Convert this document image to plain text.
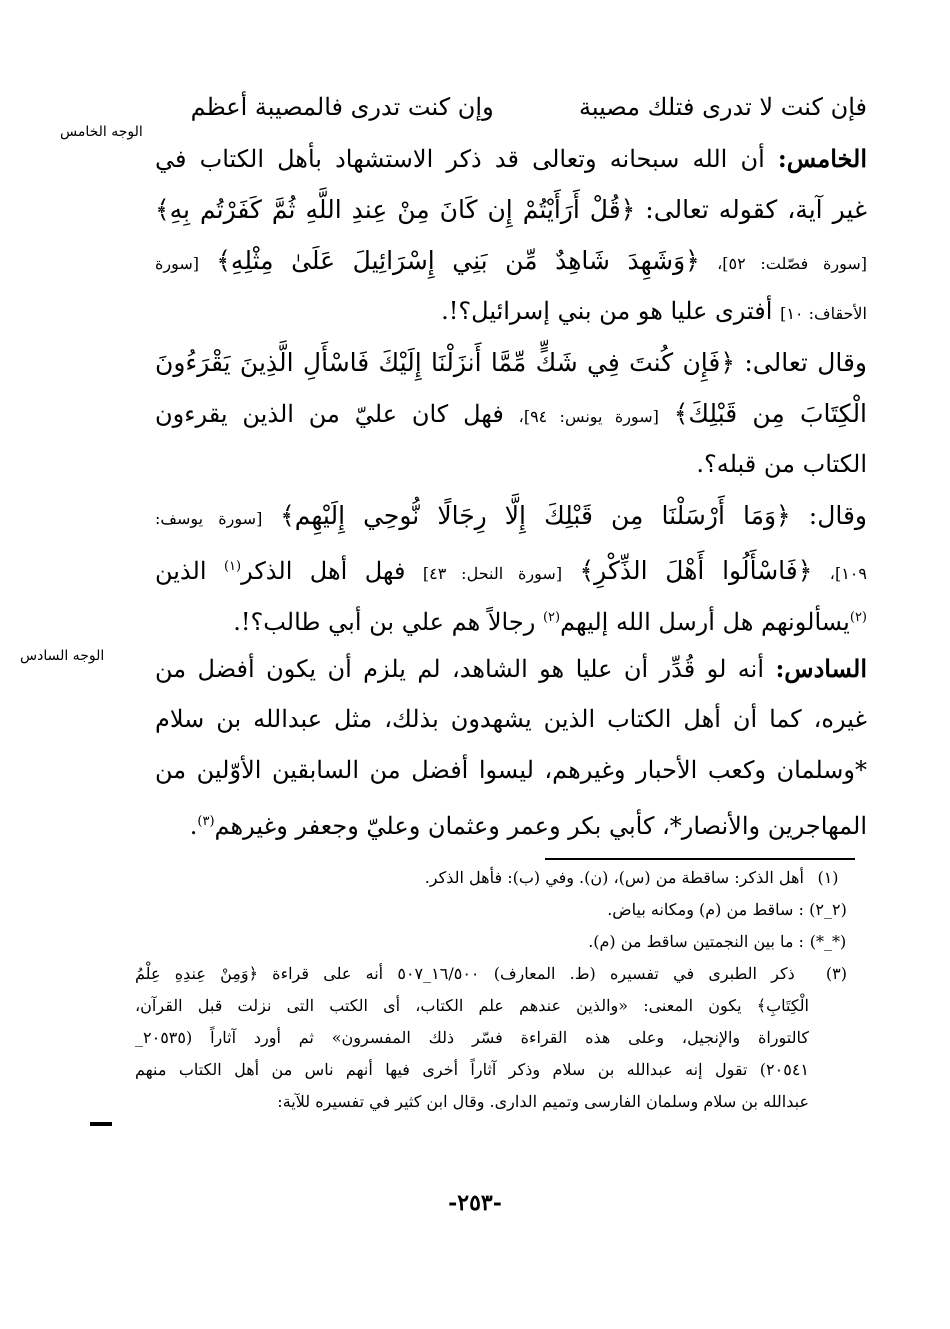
الوجه الخامس
الوجه السادس
فإن كنت لا تدرى فتلك مصيبة  وإن كنت تدرى فالمصيبة أعظم
الخامس: أن الله سبحانه وتعالى قد ذكر الاستشهاد بأهل الكتاب في
غير آية، كقوله تعالى: ﴿قُلْ أَرَأَيْتُمْ إِن كَانَ مِنْ عِندِ اللَّهِ ثُمَّ كَفَرْتُم بِهِ﴾
[سورة فصّلت: ٥٢]، ﴿وَشَهِدَ شَاهِدٌ مِّن بَنِي إِسْرَائِيلَ عَلَىٰ مِثْلِهِ﴾ [سورة
الأحقاف: ١٠] أفترى عليا هو من بني إسرائيل؟!.
وقال تعالى: ﴿فَإِن كُنتَ فِي شَكٍّ مِّمَّا أَنزَلْنَا إِلَيْكَ فَاسْأَلِ الَّذِينَ يَقْرَءُونَ
الْكِتَابَ مِن قَبْلِكَ﴾ [سورة يونس: ٩٤]، فهل كان عليّ من الذين يقرءون
الكتاب من قبله؟.
وقال: ﴿وَمَا أَرْسَلْنَا مِن قَبْلِكَ إِلَّا رِجَالًا نُّوحِي إِلَيْهِم﴾ [سورة يوسف:
١٠٩]، ﴿فَاسْأَلُوا أَهْلَ الذِّكْرِ﴾ [سورة النحل: ٤٣] فهل أهل الذكر$^{(١)}$ الذين
$^{(٢)}$يسألونهم هل أرسل الله إليهم$^{(٢)}$ رجالاً هم علي بن أبي طالب؟!.
السادس: أنه لو قُدِّر أن عليا هو الشاهد، لم يلزم أن يكون أفضل من
غيره، كما أن أهل الكتاب الذين يشهدون بذلك، مثل عبدالله بن سلام
*وسلمان وكعب الأحبار وغيرهم، ليسوا أفضل من السابقين الأوّلين من
المهاجرين والأنصار*، كأبي بكر وعمر وعثمان وعليّ وجعفر وغيرهم$^{(٣)}$.
(١) أهل الذكر: ساقطة من (س)، (ن). وفي (ب): فأهل الذكر.
(٢_٢) : ساقط من (م) ومكانه بياض.
(*_*) : ما بين النجمتين ساقط من (م).
(٣) ذكر الطبرى في تفسيره (ط. المعارف) ١٦/٥٠٠_٥٠٧ أنه على قراءة ﴿وَمِنْ عِندِهِ عِلْمُ
الْكِتَابِ﴾ يكون المعنى: «والذين عندهم علم الكتاب، أى الكتب التى نزلت قبل القرآن،
كالتوراة والإنجيل، وعلى هذه القراءة فسّر ذلك المفسرون» ثم أورد آثاراً (٢٠٥٣٥_
٢٠٥٤١) تقول إنه عبدالله بن سلام وذكر آثاراً أخرى فيها أنهم ناس من أهل الكتاب منهم
عبدالله بن سلام وسلمان الفارسى وتميم الدارى. وقال ابن كثير في تفسيره للآية:
-٢٥٣-
